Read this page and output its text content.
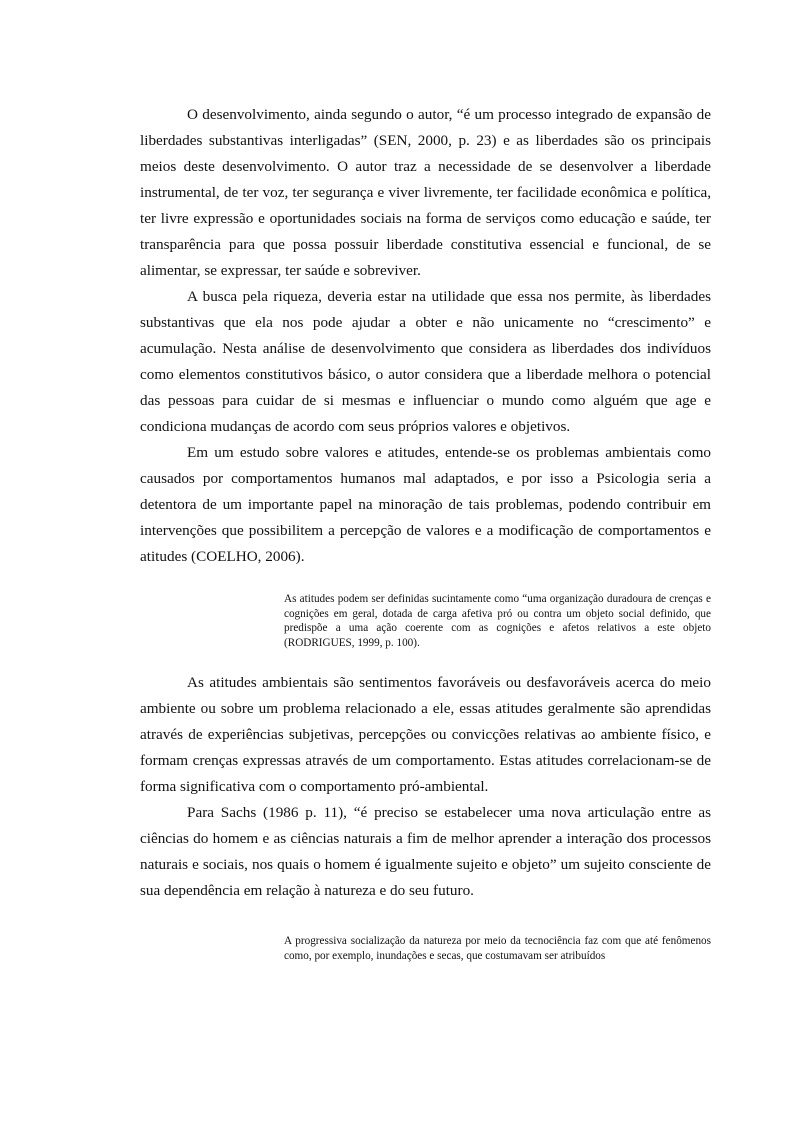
O desenvolvimento, ainda segundo o autor, “é um processo integrado de expansão de liberdades substantivas interligadas” (SEN, 2000, p. 23) e as liberdades são os principais meios deste desenvolvimento. O autor traz a necessidade de se desenvolver a liberdade instrumental, de ter voz, ter segurança e viver livremente, ter facilidade econômica e política, ter livre expressão e oportunidades sociais na forma de serviços como educação e saúde, ter transparência para que possa possuir liberdade constitutiva essencial e funcional, de se alimentar, se expressar, ter saúde e sobreviver.

A busca pela riqueza, deveria estar na utilidade que essa nos permite, às liberdades substantivas que ela nos pode ajudar a obter e não unicamente no “crescimento” e acumulação. Nesta análise de desenvolvimento que considera as liberdades dos indivíduos como elementos constitutivos básico, o autor considera que a liberdade melhora o potencial das pessoas para cuidar de si mesmas e influenciar o mundo como alguém que age e condiciona mudanças de acordo com seus próprios valores e objetivos.

Em um estudo sobre valores e atitudes, entende-se os problemas ambientais como causados por comportamentos humanos mal adaptados, e por isso a Psicologia seria a detentora de um importante papel na minoração de tais problemas, podendo contribuir em intervenções que possibilitem a percepção de valores e a modificação de comportamentos e atitudes (COELHO, 2006).

As atitudes podem ser definidas sucintamente como “uma organização duradoura de crenças e cognições em geral, dotada de carga afetiva pró ou contra um objeto social definido, que predispõe a uma ação coerente com as cognições e afetos relativos a este objeto (RODRIGUES, 1999, p. 100).

As atitudes ambientais são sentimentos favoráveis ou desfavoráveis acerca do meio ambiente ou sobre um problema relacionado a ele, essas atitudes geralmente são aprendidas através de experiências subjetivas, percepções ou convicções relativas ao ambiente físico, e formam crenças expressas através de um comportamento. Estas atitudes correlacionam-se de forma significativa com o comportamento pró-ambiental.

Para Sachs (1986 p. 11), “é preciso se estabelecer uma nova articulação entre as ciências do homem e as ciências naturais a fim de melhor aprender a interação dos processos naturais e sociais, nos quais o homem é igualmente sujeito e objeto” um sujeito consciente de sua dependência em relação à natureza e do seu futuro.

A progressiva socialização da natureza por meio da tecnociência faz com que até fenômenos como, por exemplo, inundações e secas, que costumavam ser atribuídos
